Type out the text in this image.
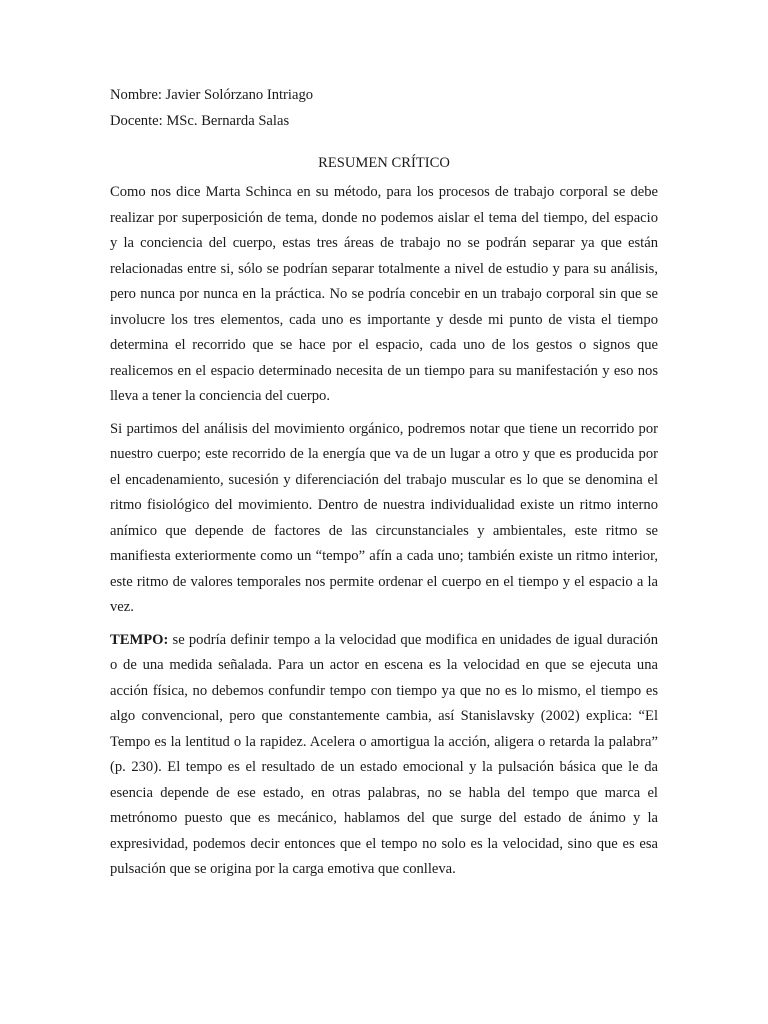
Nombre: Javier Solórzano Intriago

Docente: MSc. Bernarda Salas

RESUMEN CRÍTICO

Como nos dice Marta Schinca en su método, para los procesos de trabajo corporal se debe realizar por superposición de tema, donde no podemos aislar el tema del tiempo, del espacio y la conciencia del cuerpo, estas tres áreas de trabajo no se podrán separar ya que están relacionadas entre si, sólo se podrían separar totalmente a nivel de estudio y para su análisis, pero nunca por nunca en la práctica. No se podría concebir en un trabajo corporal sin que se involucre los tres elementos, cada uno es importante y desde mi punto de vista el tiempo determina el recorrido que se hace por el espacio, cada uno de los gestos o signos que realicemos en el espacio determinado necesita de un tiempo para su manifestación y eso nos lleva a tener la conciencia del cuerpo.

Si partimos del análisis del movimiento orgánico, podremos notar que tiene un recorrido por nuestro cuerpo; este recorrido de la energía que va de un lugar a otro y que es producida por el encadenamiento, sucesión y diferenciación del trabajo muscular es lo que se denomina el ritmo fisiológico del movimiento. Dentro de nuestra individualidad existe un ritmo interno anímico que depende de factores de las circunstanciales y ambientales, este ritmo se manifiesta exteriormente como un “tempo” afín a cada uno; también existe un ritmo interior, este ritmo de valores temporales nos permite ordenar el cuerpo en el tiempo y el espacio a la vez.

TEMPO: se podría definir tempo a la velocidad que modifica en unidades de igual duración o de una medida señalada. Para un actor en escena es la velocidad en que se ejecuta una acción física, no debemos confundir tempo con tiempo ya que no es lo mismo, el tiempo es algo convencional, pero que constantemente cambia, así Stanislavsky (2002) explica: “El Tempo es la lentitud o la rapidez. Acelera o amortigua la acción, aligera o retarda la palabra” (p. 230). El tempo es el resultado de un estado emocional y la pulsación básica que le da esencia depende de ese estado, en otras palabras, no se habla del tempo que marca el metrónomo puesto que es mecánico, hablamos del que surge del estado de ánimo y la expresividad, podemos decir entonces que el tempo no solo es la velocidad, sino que es esa pulsación que se origina por la carga emotiva que conlleva.
